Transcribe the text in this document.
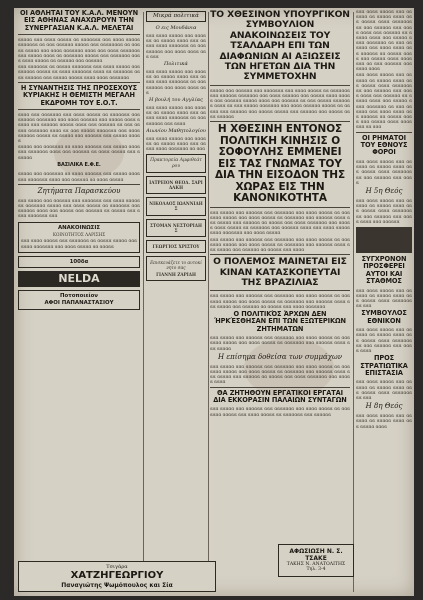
ΟΙ ΑΘΛΗΤΑΙ ΤΟΥ Κ.Α.Λ. ΜΕΝΟΥΝ ΕΙΣ ΑΘΗΝΑΣ ΑΝΑΧΩΡΟΥΝ ΤΗΝ ΣΥΝΕΡΓΑΣΙΑΝ Κ.Α.Λ. ΜΕΛΕΤΑΙ
ααααα ααα αααα ααααα αα ααααααα ααα αααα ααααα ααααααα αα ααα αααααα ααααα ααα αααααααα αα ααααα ααααα ααα αααα ααααααα αααα ααα αααα ααααααα ααα ααααα αααα αα ααααααα ααααα ααα ααααααα αααα αααα ααααα αα αααααα ααα αααααα
ααα ααααααα αα ααααα ααααααα ααα αααα ααααα ααα αααααα ααααα αα αααα ααααααα αααα αα ααααααα αααα αααααα ααα ααααα ααααα αααα αααα ααααααα
Η ΣΥΝΑΝΤΗΣΙΣ ΤΗΣ ΠΡΟΣΕΧΟΥΣ ΚΥΡΙΑΚΗΣ Η ΘΕΜΙΣΤΗ ΜΕΓΑΛΗ ΕΚΔΡΟΜΗ ΤΟΥ Ε.Ο.Τ.
αααα ααα ααααααα ααα αααα ααααα αα ααααααα ααα αααααα ααααααα ααα αααα αααααα ααα ααααα αααα ααααα ααα αααααα ααααα αααα ααα αααααα αα ααα ααααα ααααααα αααα αα ααα ααααα ααααααα ααα αααα αααααα ααααα αα ααααα ααα αααααα ααα ααααα ααααα
ααααα ααα ααααααα αα αααα αααααα ααα ααααα αααα ααα ααααααα αααα ααα αααααα αα αααα ααααα ααα αααααα
ΒΑΣΙΛΙΚΑ Ε.Φ.Ε.
ααααα ααα ααααααα αα αααα αααααα ααα ααααα αααα ααα ααααααα αααα ααα αααααα αα αααα ααααα
Ζητήματα Παρασκεύου
ααα ααααα ααα αααααα ααα ααααααα ααα αααα ααααα αα ααααααα ααααα ααα αααα ααααα αα ααααααα ααα αααααα αααα ααα ααααα ααα αααααα αα ααααα ααα αααα ααααααα ααα
ΑΝΑΚΟΙΝΩΣΙΣ
ΚΟΙΝΟΤΗΤΟΣ ΛΑΡΙΣΗΣ
ααα αααα ααααα ααα ααααααα αα ααααα ααααα ααα αααα ααααααα ααα αααα ααααα αα ααααα
100δα
NELDA
Ποτοποιείον
ΑΦΟΙ ΠΑΠΑΝΑΣΤΑΣΙΟΥ
Μικρά πολιτικά
Ο εις Μουδάνια
ααα αααα ααααα ααα αααααα αα ααααα αααα ααα ααααα αααα ααααααα αα ααα αααααα ααα αααα αααα ααα ααα
Πολιτικά
ααα αααα ααααα ααα αααααα αα ααααα αααα ααα ααααα αααα ααααααα αα ααα αααααα ααα αααα αααα ααα
Η βουλή του Αγγλίας
ααα αααα ααααα ααα αααααα αα ααααα αααα ααα ααααα αααα ααααααα αα ααα αααααα ααα αααα
Αιωνίου Μαθητολογίου
ααα αααα ααααα ααα αααααα αα ααααα αααα ααα ααααα αααα ααααααα αα ααα
Πρακτορεία Αμφιθεάτρου
ΙΑΤΡΕΙΟΝ ΘΕΟΔ. ΣΑΡΙΔΑΚΗ
ΝΙΚΟΛΑΟΣ ΙΩΑΝΝΙΔΗΣ
ΣΤΟΜΑΝ ΝΕΣΤΟΡΙΔΗΣ
ΓΕΩΡΓΙΟΣ ΧΡΙΣΤΟΥ
Επισκευάζετε το αυτοκίνητο σας
ΓΙΑΝΝΗ ΖΑΡΙΔΗ
ΤΟ ΧΘΕΣΙΝΟΝ ΥΠΟΥΡΓΙΚΟΝ ΣΥΜΒΟΥΛΙΟΝ ΑΝΑΚΟΙΝΩΣΕΙΣ ΤΟΥ ΤΣΑΛΔΑΡΗ ΕΠΙ ΤΩΝ ΔΙΑΦΩΝΙΩΝ ΑΙ ΑΞΙΩΣΕΙΣ ΤΩΝ ΗΓΕΤΩΝ ΔΙΑ ΤΗΝ ΣΥΜΜΕΤΟΧΗΝ
ααααα ααα αααααα ααα ααααααα ααα αααα ααααα αα ααααααα ααα αααααα ααααααα ααα αααα αααααα ααα ααααα αααα ααααα ααα αααααα ααααα αααα ααα αααααα αα ααα ααααα ααααααα αααα αα ααα ααααα ααααααα ααα αααα αααααα ααααα αα ααααα ααα αααααα ααα ααααα ααααα ααα αααααα ααα ααααα αααα αααααα
Η ΧΘΕΣΙΝΗ ΕΝΤΟΝΟΣ ΠΟΛΙΤΙΚΗ ΚΙΝΗΣΙΣ Ο ΣΟΦΟΥΛΗΣ ΕΜΜΕΝΕΙ ΕΙΣ ΤΑΣ ΓΝΩΜΑΣ ΤΟΥ ΔΙΑ ΤΗΝ ΕΙΣΟΔΟΝ ΤΗΣ ΧΩΡΑΣ ΕΙΣ ΤΗΝ ΚΑΝΟΝΙΚΟΤΗΤΑ
ααα ααααα ααα αααααα ααα ααααααα ααα αααα ααααα αα ααααααα ααααα ααα αααα ααααα αα ααααααα ααα αααααα αααα ααα ααααα ααα αααααα αα ααααα ααα αααα ααααααα ααα ααααα αααα ααααα αα ααααααα ααα αααααα αααα ααα αααα ααααα αααα ααααααα ααα αααα ααααα
ααα ααααα ααα αααααα ααα ααααααα ααα αααα ααααα αα ααααααα ααααα ααα αααα ααααα αα ααααααα ααα αααααα αααα ααα ααααα ααα αααααα αα ααααα ααα αααα
Ο ΠΟΛΕΜΟΣ ΜΑΙΝΕΤΑΙ ΕΙΣ ΚΙΝΑΝ ΚΑΤΑΣΚΟΠΕΥΤΑΙ ΤΗΣ ΒΡΑΖΙΛΙΑΣ
ααα ααααα ααα αααααα ααα ααααααα ααα αααα ααααα αα ααααααα ααααα ααα αααα ααααα αα ααααααα ααα αααααα αααα ααα ααααα ααα αααααα αα ααααα ααα αααα ααααααα
Ο ΠΟΛΙΤΙΚΌΣ ΆΡΧΩΝ ΔΕΝ ΉΡΚΈΣΘΗΣΑΝ ΕΠΙ ΤΩΝ ΕΞΩΤΕΡΙΚΩΝ ΖΗΤΗΜΑΤΩΝ
ααα ααααα ααα αααααα ααα ααααααα ααα αααα ααααα αα ααααααα ααααα ααα αααα ααααα αα ααααααα ααα αααααα αααα ααα ααααα
Η επίσημα δοθείσα των συμμάχων
ααα ααααα ααα αααααα ααα ααααααα ααα αααα ααααα αα ααααααα ααααα ααα αααα ααααα αα ααααααα ααα αααααα αααα ααα ααααα ααα αααααα αα ααααα ααα αααα ααααααα ααα ααααα αααα
ΘΑ ΖΗΤΗΘΟΥΝ ΕΡΓΑΤΙΚΟΙ ΕΡΓΑΤΑΙ ΔΙΑ ΕΚΚΟΡΑΣΙΝ ΠΑΛΑΙΩΝ ΣΥΝΤΑΓΩΝ
ααα ααααα ααα αααααα ααα ααααααα ααα αααα ααααα αα ααααααα ααααα ααα αααα ααααα αα ααααααα ααα αααααα
ααα αααα ααααα ααα αααααα αα ααααα αααα ααα ααααα αααα ααααααα αα ααα αααααα ααα αααα αααα ααα αααααα αα ααααα αααα ααα ααααα αααα ααααααα αα ααα αααααα ααα αααα αααα ααα αααααα αα ααααα αααα ααα ααααα αααα ααααααα αα ααα αααααα ααα αααα αααα
ααα αααα ααααα ααα αααααα αα ααααα αααα ααα ααααα αααα ααααααα αα ααα αααααα ααα αααα αααα ααα αααααα αα ααααα αααα ααα ααααα αααα ααααααα αα ααα αααααα ααα αααα αααα ααα αααααα αα ααααα αααα ααα ααααα αααα ααααααα αα ααα
ΟΙ ΡΗΜΑΤΟΙ ΤΟΥ ΕΘΝΟΥΣ ΦΟΡΟΙ
ααα αααα ααααα ααα αααααα αα ααααα αααα ααα ααααα αααα ααααααα αα ααα αααααα ααα αααα
Η 5η Θεός
ααα αααα ααααα ααα αααααα αα ααααα αααα ααα ααααα αααα ααααααα αα ααα αααααα ααα αααα αααα ααα αααααα
ΣΥΓΧΡΟΝΟΝ ΠΡΟΣΦΕΡΕΙ ΑΥΤΟΙ ΚΑΙ ΣΤΑΘΜΟΣ
ααα αααα ααααα ααα αααααα αα ααααα αααα ααα ααααα αααα ααααααα αα ααα
ΣΥΜΒΟΥΛΟΣ ΕΘΝΙΚΟΝ
ααα αααα ααααα ααα αααααα αα ααααα αααα ααα ααααα αααα ααααααα αα ααα αααααα ααα αααα αααα
ΠΡΟΣ ΣΤΡΑΤΙΩΤΙΚΑ ΕΠΙΣΤΑΣΙΑ
ααα αααα ααααα ααα αααααα αα ααααα αααα ααα ααααα αααα ααααααα αα ααα
Η 8η Θεός
ααα αααα ααααα ααα αααααα αα ααααα αααα ααα ααααα αααα
ΑΦΩΣΙΩΣΗ Ν. Σ. ΤΣΑΚΕ
ΤΑΚΗΣ Ν. ΑΝΑΤΟΛΙΤΗΣ
Τηλ. 3-4
Τσιγάρα
ΧΑΤΖΗΓΕΩΡΓΙΟΥ
Παναγιώτης Ψωμόπουλος και Σία
